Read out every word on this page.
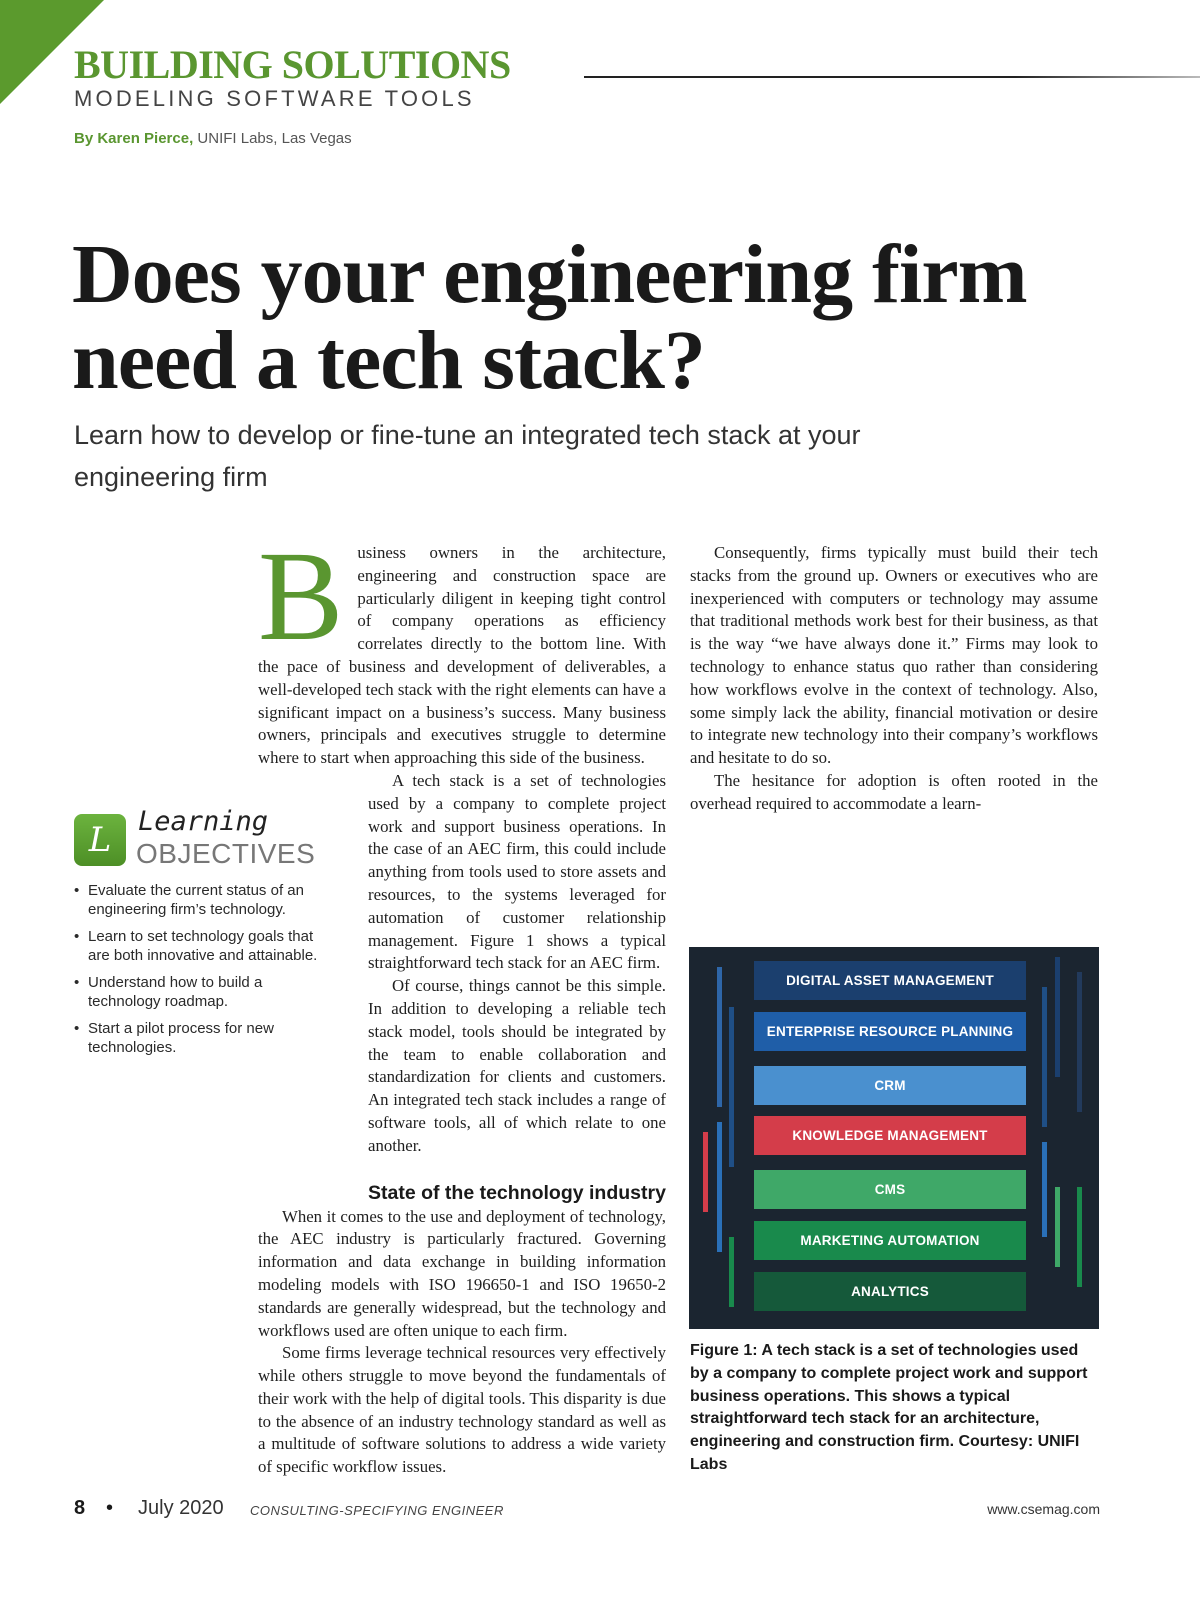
BUILDING SOLUTIONS
MODELING SOFTWARE TOOLS
By Karen Pierce, UNIFI Labs, Las Vegas
Does your engineering firm need a tech stack?
Learn how to develop or fine-tune an integrated tech stack at your engineering firm

Business owners in the architecture, engineering and construction space are particularly diligent in keeping tight control of company operations as efficiency correlates directly to the bottom line. With the pace of business and development of deliverables, a well-developed tech stack with the right elements can have a significant impact on a business’s success. Many business owners, principals and executives struggle to determine where to start when approaching this side of the business.

A tech stack is a set of technologies used by a company to complete project work and support business operations. In the case of an AEC firm, this could include anything from tools used to store assets and resources, to the systems leveraged for automation of customer relationship management. Figure 1 shows a typical straightforward tech stack for an AEC firm.

Of course, things cannot be this simple. In addition to developing a reliable tech stack model, tools should be integrated by the team to enable collaboration and standardization for clients and customers. An integrated tech stack includes a range of software tools, all of which relate to one another.

State of the technology industry

When it comes to the use and deployment of technology, the AEC industry is particularly fractured. Governing information and data exchange in building information modeling models with ISO 196650-1 and ISO 19650-2 standards are generally widespread, but the technology and workflows used are often unique to each firm.

Some firms leverage technical resources very effectively while others struggle to move beyond the fundamentals of their work with the help of digital tools. This disparity is due to the absence of an industry technology standard as well as a multitude of software solutions to address a wide variety of specific workflow issues.

Consequently, firms typically must build their tech stacks from the ground up. Owners or executives who are inexperienced with computers or technology may assume that traditional methods work best for their business, as that is the way “we have always done it.” Firms may look to technology to enhance status quo rather than considering how workflows evolve in the context of technology. Also, some simply lack the ability, financial motivation or desire to integrate new technology into their company’s workflows and hesitate to do so.

The hesitance for adoption is often rooted in the overhead required to accommodate a learn-

L Learning
OBJECTIVES
• Evaluate the current status of an engineering firm’s technology.
• Learn to set technology goals that are both innovative and attainable.
• Understand how to build a technology roadmap.
• Start a pilot process for new technologies.
DIGITAL ASSET MANAGEMENT
ENTERPRISE RESOURCE PLANNING
CRM
KNOWLEDGE MANAGEMENT
CMS
MARKETING AUTOMATION
ANALYTICS
Figure 1: A tech stack is a set of technologies used by a company to complete project work and support business operations. This shows a typical straightforward tech stack for an architecture, engineering and construction firm. Courtesy: UNIFI Labs
8 • July 2020 CONSULTING-SPECIFYING ENGINEER	www.csemag.com
